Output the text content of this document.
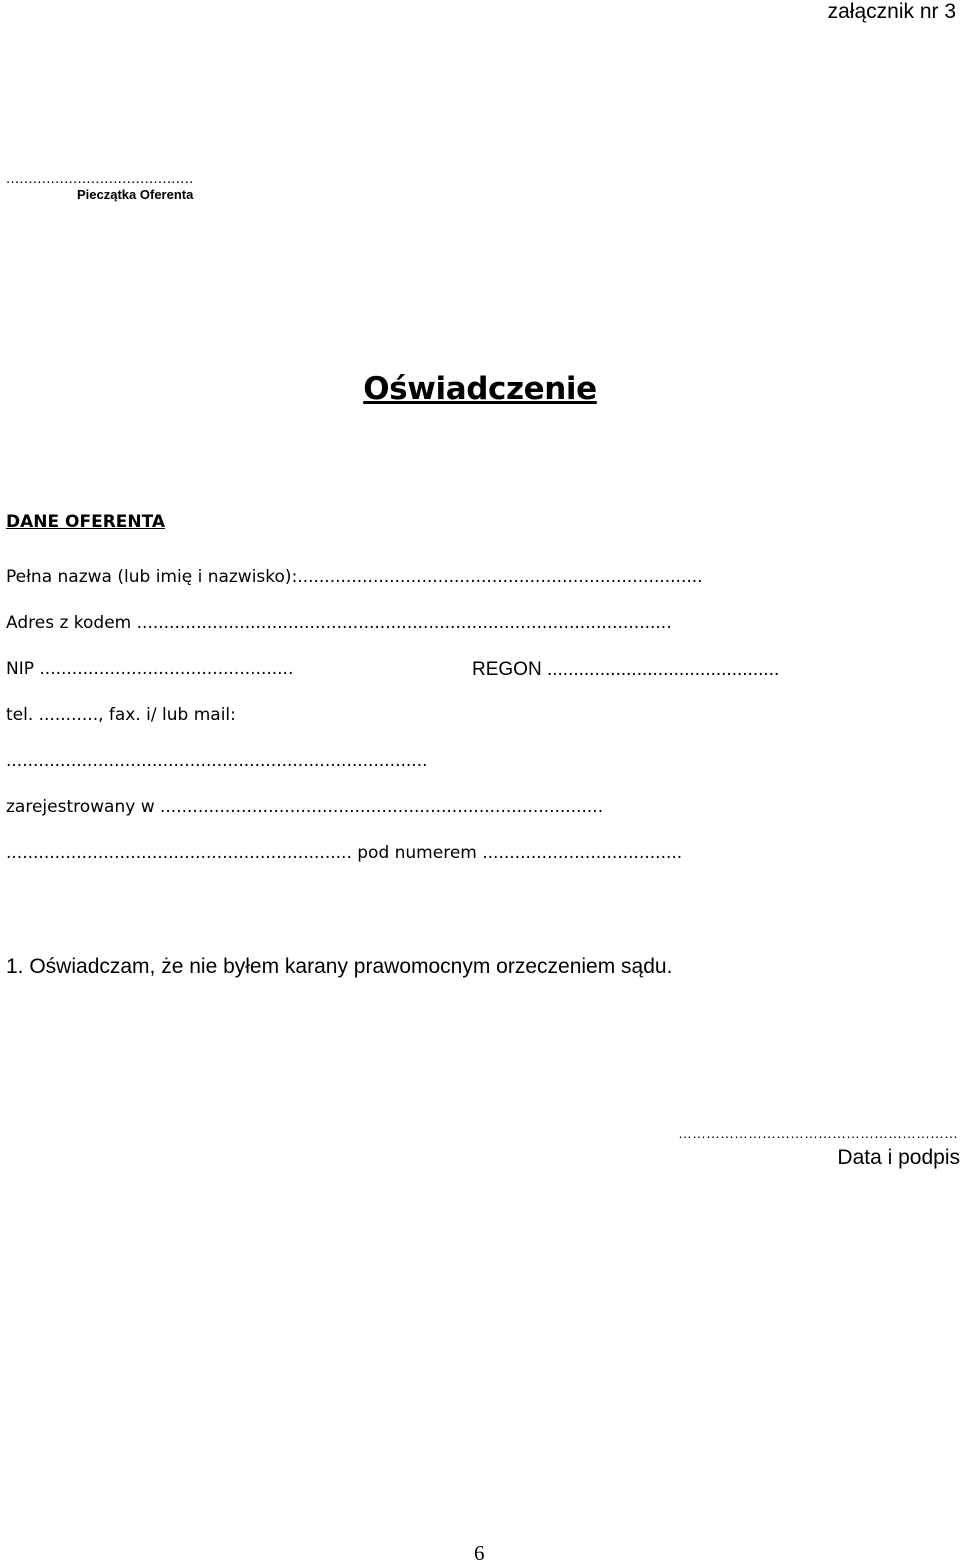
załącznik nr 3
..........................................
Pieczątka Oferenta
Oświadczenie
DANE OFERENTA
Pełna nazwa (lub imię i nazwisko):...........................................................................
Adres z kodem ...................................................................................................
NIP ...............................................	REGON ............................................
tel. ..........., fax. i/ lub mail:
..............................................................................
zarejestrowany w ..................................................................................
................................................................ pod numerem .....................................
1. Oświadczam, że nie byłem karany prawomocnym orzeczeniem sądu.
……………………………………………………
Data i podpis
6
